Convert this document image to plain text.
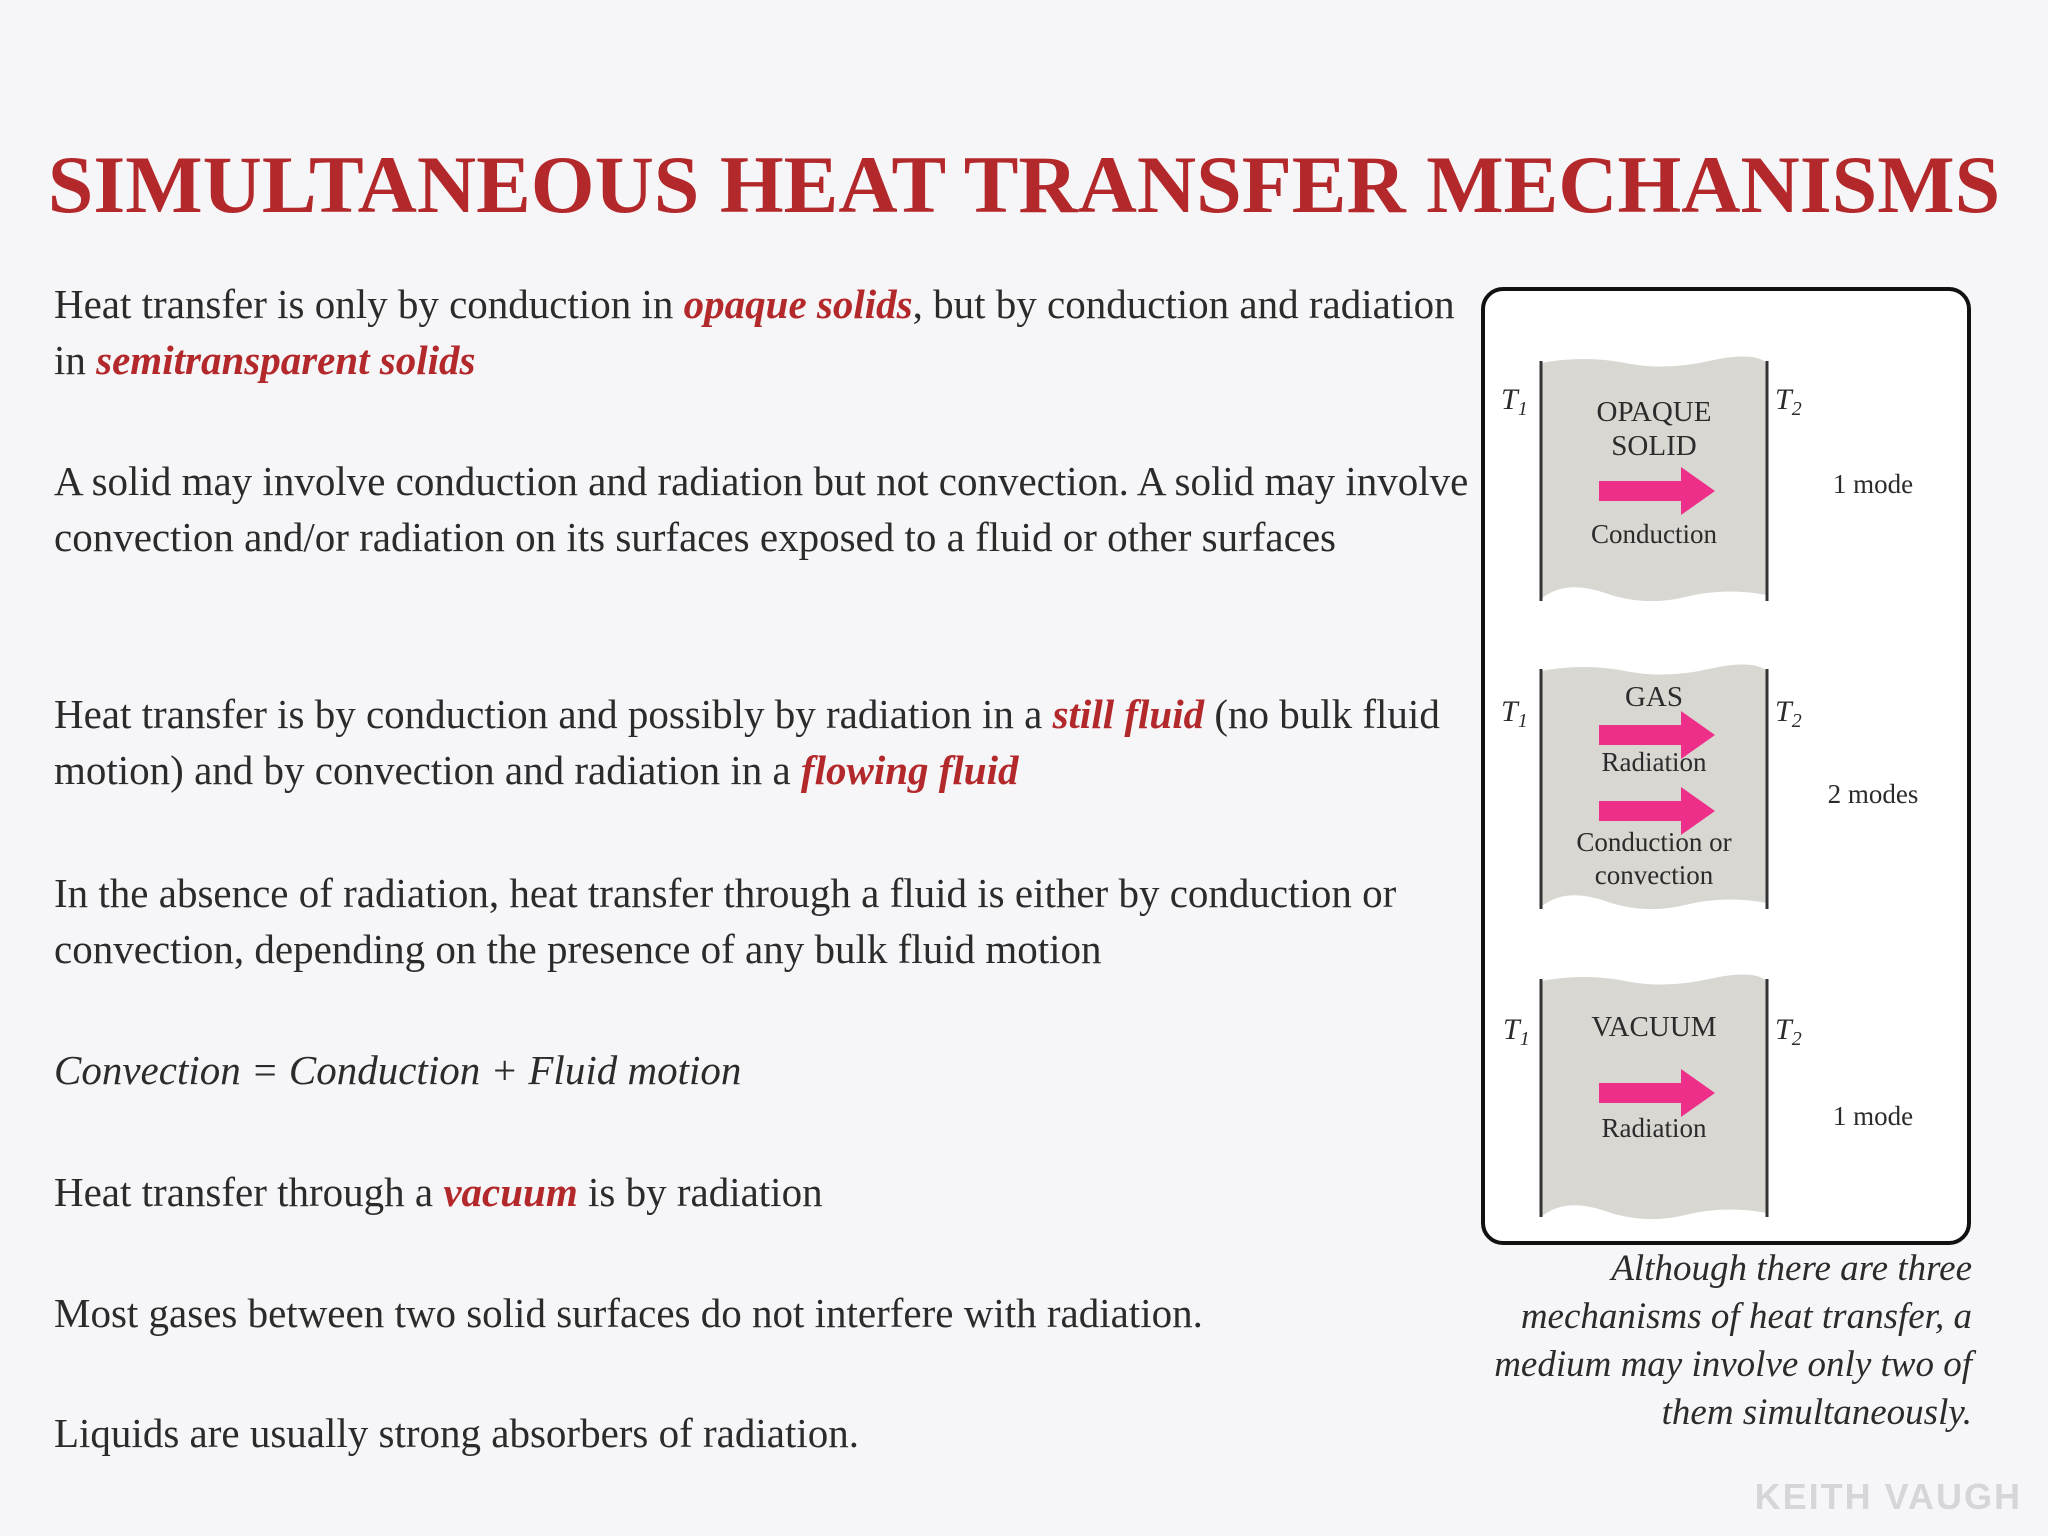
SIMULTANEOUS HEAT TRANSFER MECHANISMS
Heat transfer is only by conduction in opaque solids, but by conduction and radiation in semitransparent solids
A solid may involve conduction and radiation but not convection. A solid may involve convection and/or radiation on its surfaces exposed to a fluid or other surfaces
Heat transfer is by conduction and possibly by radiation in a still fluid (no bulk fluid motion) and by convection and radiation in a flowing fluid
In the absence of radiation, heat transfer through a fluid is either by conduction or convection, depending on the presence of any bulk fluid motion
Convection = Conduction + Fluid motion
Heat transfer through a vacuum is by radiation
Most gases between two solid surfaces do not interfere with radiation.
Liquids are usually strong absorbers of radiation.
$T_1$	$T_2$
OPAQUE
SOLID
Conduction
1 mode
$T_1$	$T_2$
GAS
Radiation
Conduction or
convection
2 modes
$T_1$	$T_2$
VACUUM
Radiation	1 mode
Although there are three
mechanisms of heat transfer, a
medium may involve only two of
them simultaneously.
KEITH VAUGH
